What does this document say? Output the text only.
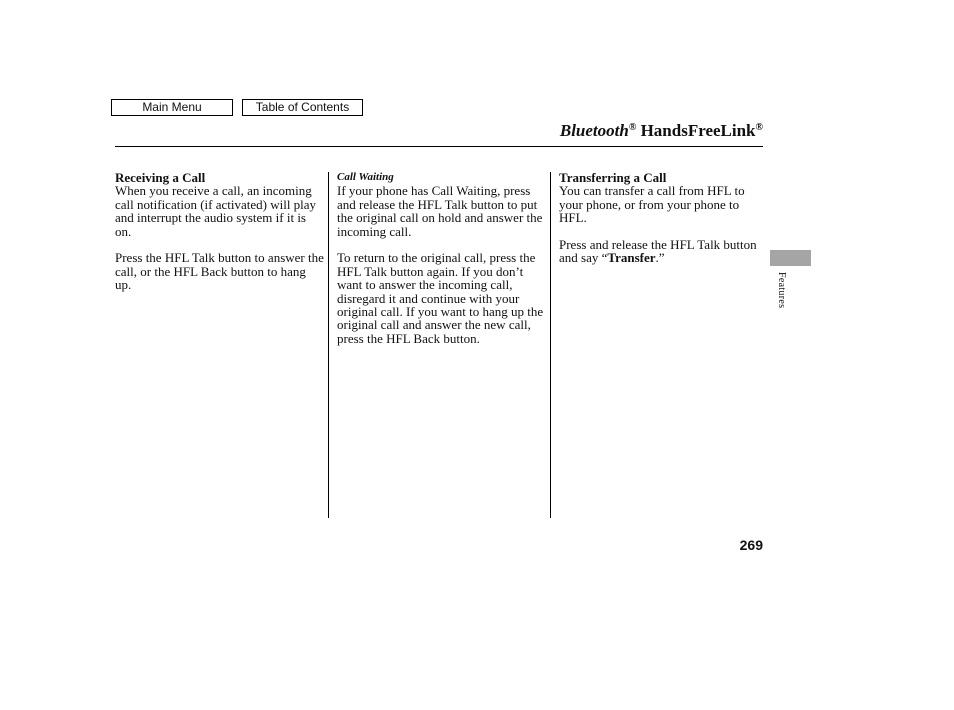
Main Menu	Table of Contents
Bluetooth® HandsFreeLink®
Receiving a Call

When you receive a call, an incoming call notification (if activated) will play and interrupt the audio system if it is on.

Press the HFL Talk button to answer the call, or the HFL Back button to hang up.

Call Waiting

If your phone has Call Waiting, press and release the HFL Talk button to put the original call on hold and answer the incoming call.

To return to the original call, press the HFL Talk button again. If you don’t want to answer the incoming call, disregard it and continue with your original call. If you want to hang up the original call and answer the new call, press the HFL Back button.

Transferring a Call

You can transfer a call from HFL to your phone, or from your phone to HFL.

Press and release the HFL Talk button and say “Transfer.”

Features
269
